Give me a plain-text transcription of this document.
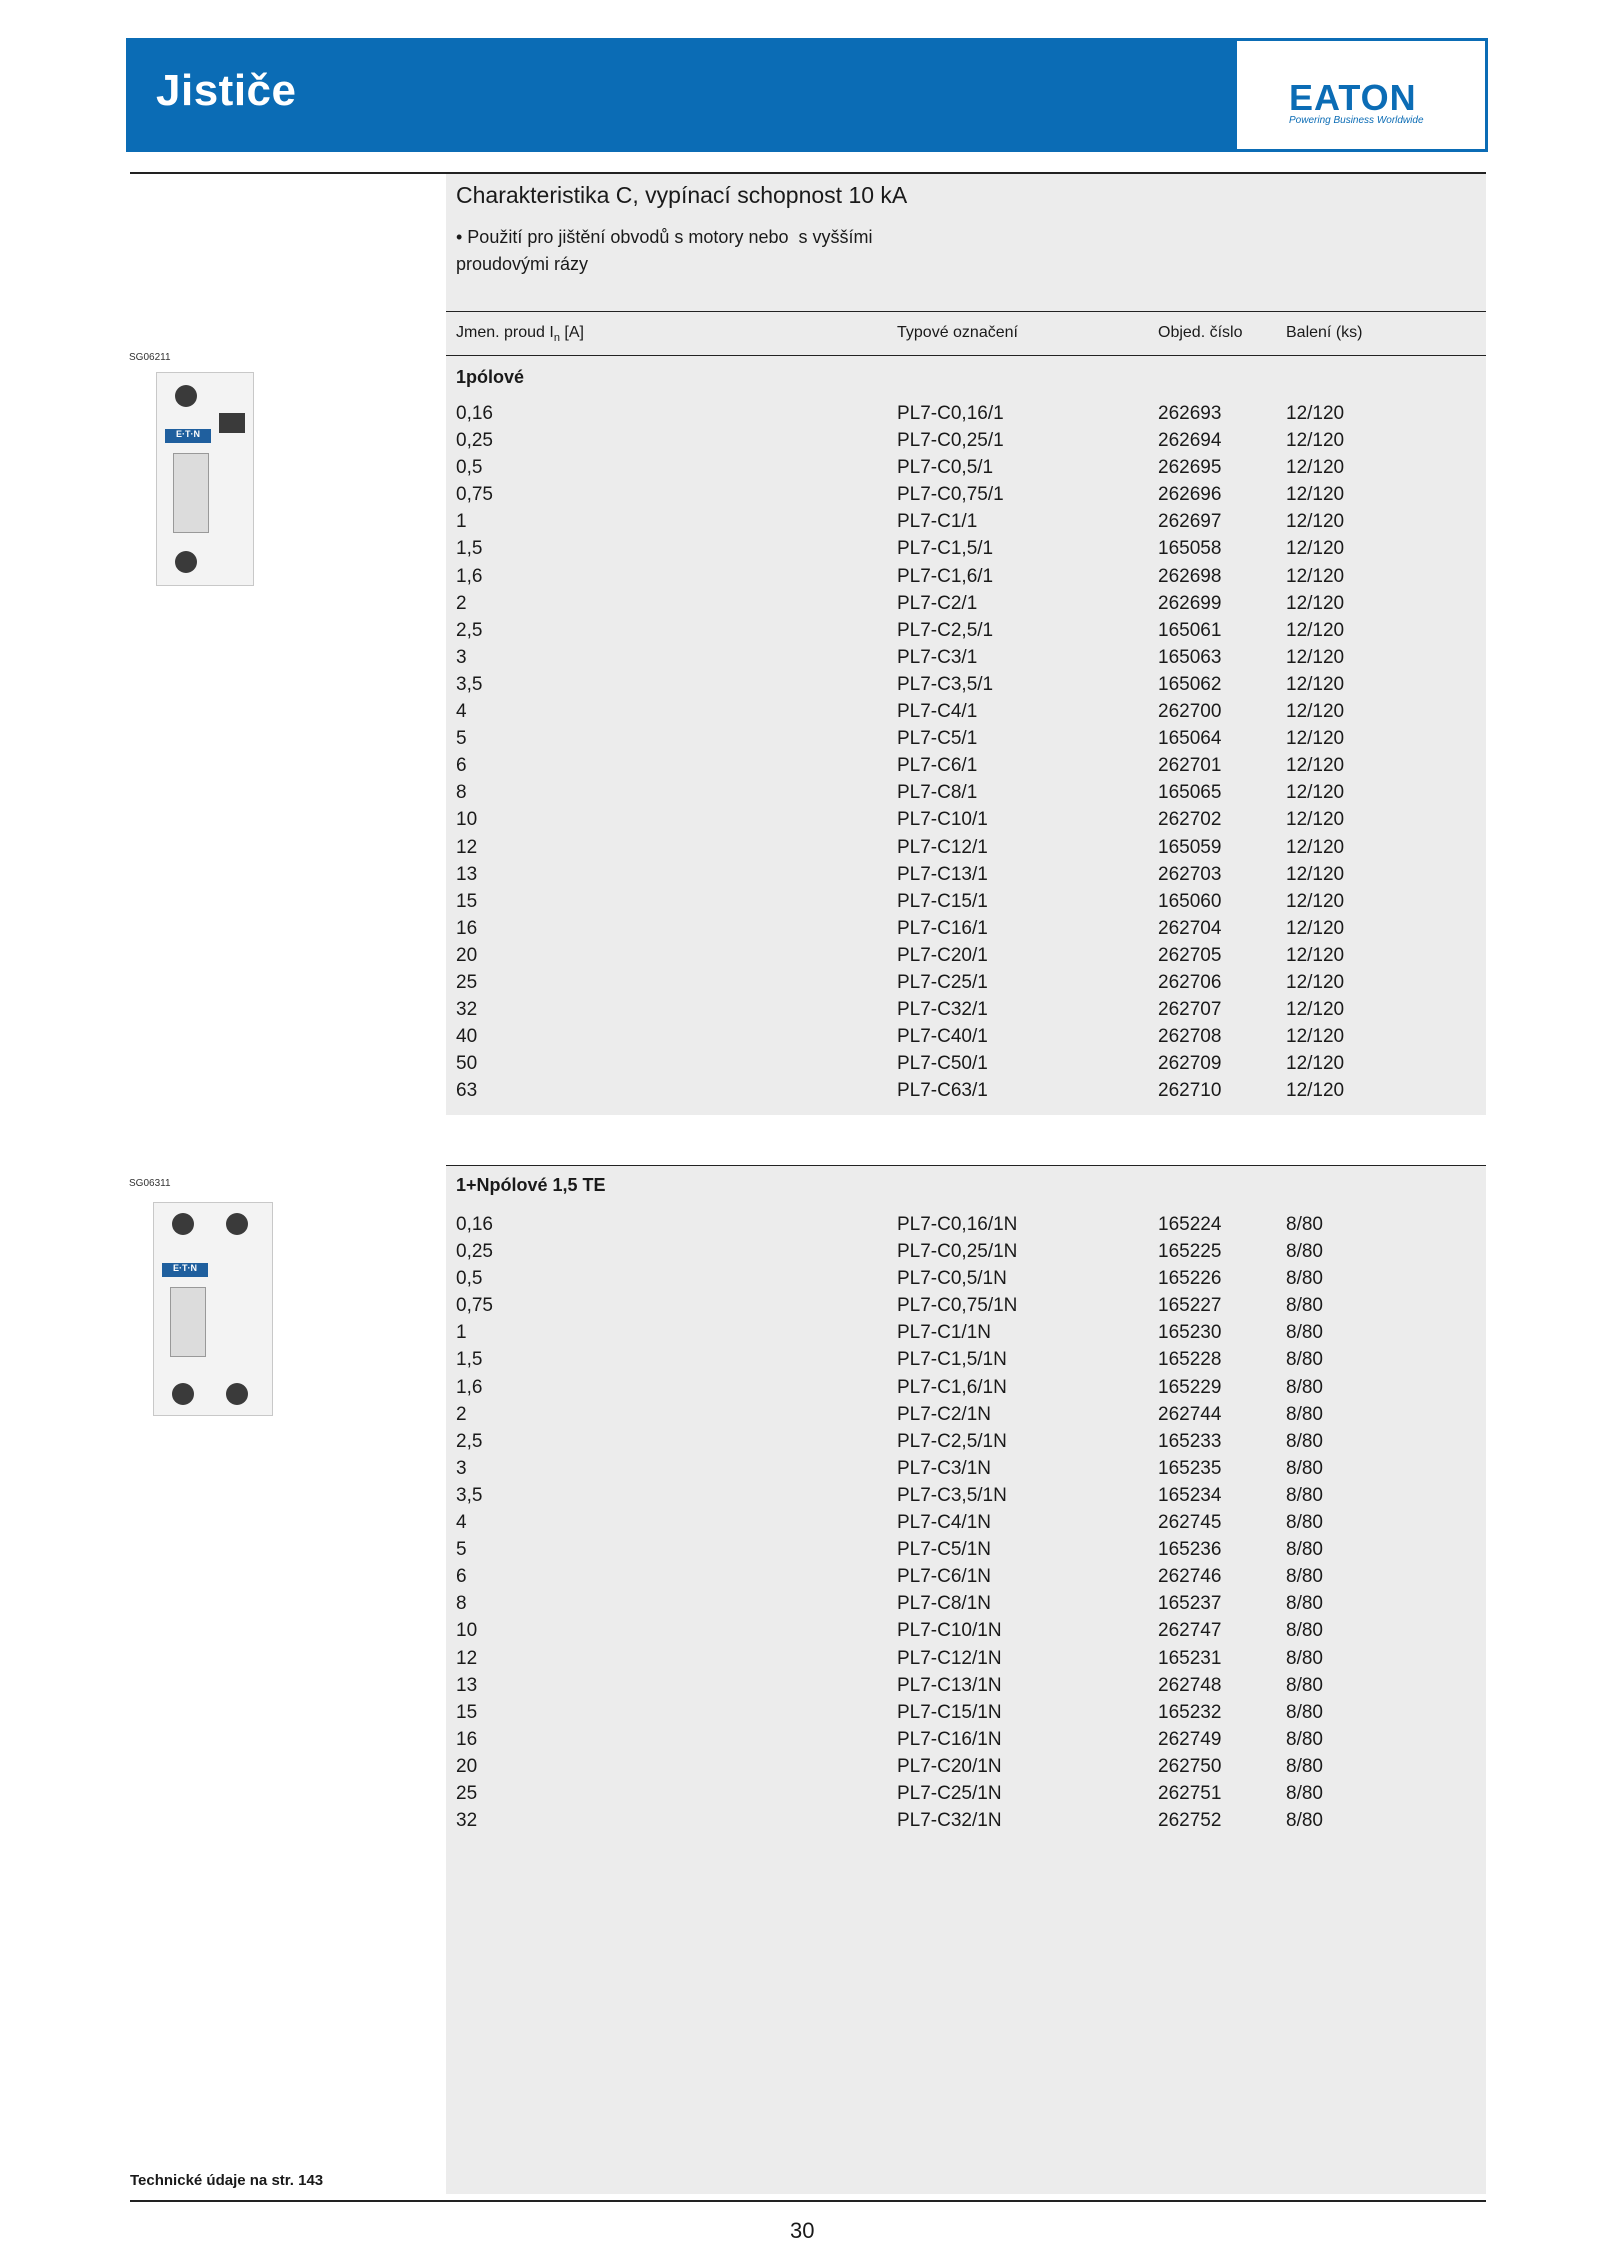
Jističe	EATON
Powering Business Worldwide
Charakteristika C, vypínací schopnost 10 kA
• Použití pro jištění obvodů s motory nebo  s vyššími proudovými rázy
Jmen. proud $I_n$ [A]	Typové označení	Objed. číslo	Balení (ks)
1pólové
0,16	PL7-C0,16/1	262693	12/120
0,25	PL7-C0,25/1	262694	12/120
0,5	PL7-C0,5/1	262695	12/120
0,75	PL7-C0,75/1	262696	12/120
1	PL7-C1/1	262697	12/120
1,5	PL7-C1,5/1	165058	12/120
1,6	PL7-C1,6/1	262698	12/120
2	PL7-C2/1	262699	12/120
2,5	PL7-C2,5/1	165061	12/120
3	PL7-C3/1	165063	12/120
3,5	PL7-C3,5/1	165062	12/120
4	PL7-C4/1	262700	12/120
5	PL7-C5/1	165064	12/120
6	PL7-C6/1	262701	12/120
8	PL7-C8/1	165065	12/120
10	PL7-C10/1	262702	12/120
12	PL7-C12/1	165059	12/120
13	PL7-C13/1	262703	12/120
15	PL7-C15/1	165060	12/120
16	PL7-C16/1	262704	12/120
20	PL7-C20/1	262705	12/120
25	PL7-C25/1	262706	12/120
32	PL7-C32/1	262707	12/120
40	PL7-C40/1	262708	12/120
50	PL7-C50/1	262709	12/120
63	PL7-C63/1	262710	12/120
1+Npólové 1,5 TE
0,16	PL7-C0,16/1N	165224	8/80
0,25	PL7-C0,25/1N	165225	8/80
0,5	PL7-C0,5/1N	165226	8/80
0,75	PL7-C0,75/1N	165227	8/80
1	PL7-C1/1N	165230	8/80
1,5	PL7-C1,5/1N	165228	8/80
1,6	PL7-C1,6/1N	165229	8/80
2	PL7-C2/1N	262744	8/80
2,5	PL7-C2,5/1N	165233	8/80
3	PL7-C3/1N	165235	8/80
3,5	PL7-C3,5/1N	165234	8/80
4	PL7-C4/1N	262745	8/80
5	PL7-C5/1N	165236	8/80
6	PL7-C6/1N	262746	8/80
8	PL7-C8/1N	165237	8/80
10	PL7-C10/1N	262747	8/80
12	PL7-C12/1N	165231	8/80
13	PL7-C13/1N	262748	8/80
15	PL7-C15/1N	165232	8/80
16	PL7-C16/1N	262749	8/80
20	PL7-C20/1N	262750	8/80
25	PL7-C25/1N	262751	8/80
32	PL7-C32/1N	262752	8/80
SG06211
E·T·N
SG06311
E·T·N
Technické údaje na str. 143
30
